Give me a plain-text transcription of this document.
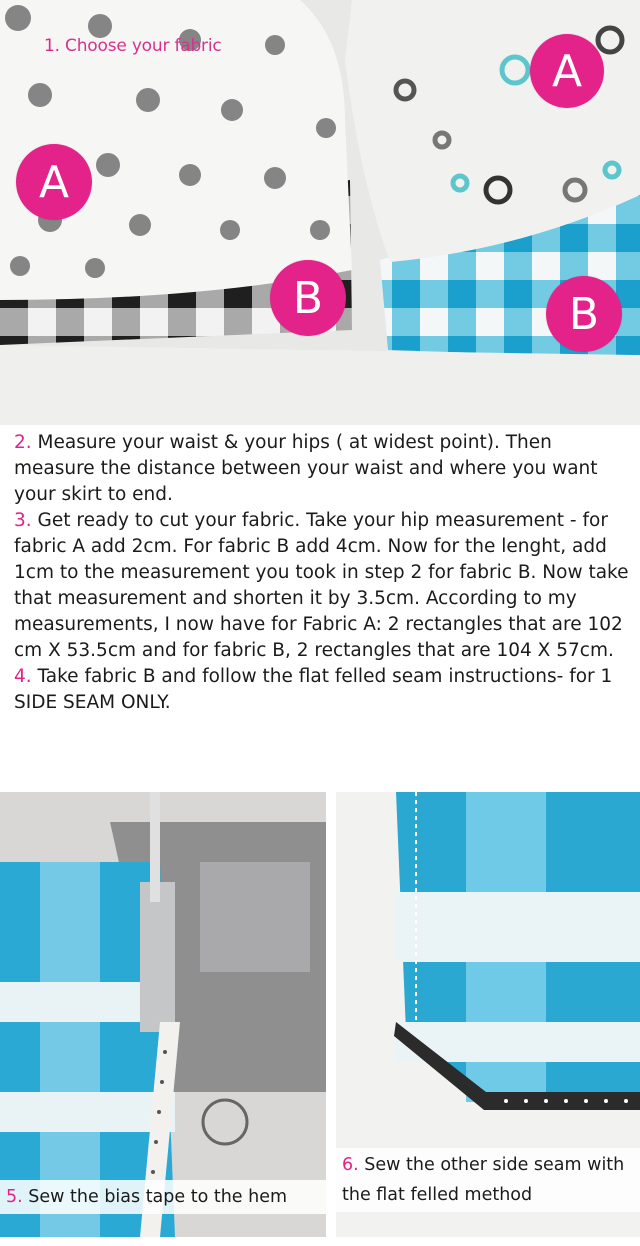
1. Choose your fabric
A
A
B	B

2. Measure your waist & your hips ( at widest point). Then measure the distance between your waist and where you want your skirt to end.

3. Get ready to cut your fabric. Take your hip measurement - for fabric A add 2cm. For fabric B add 4cm. Now for the lenght, add 1cm to the measurement you took in step 2 for fabric B. Now take that measurement and shorten it by 3.5cm. According to my measurements, I now have for Fabric A: 2 rectangles that are 102 cm X 53.5cm and for fabric B, 2 rectangles that are 104 X 57cm.

4. Take fabric B and follow the flat felled seam instructions- for 1 SIDE SEAM ONLY.

5. Sew the bias tape to the hem
6. Sew the other side seam with the flat felled method
